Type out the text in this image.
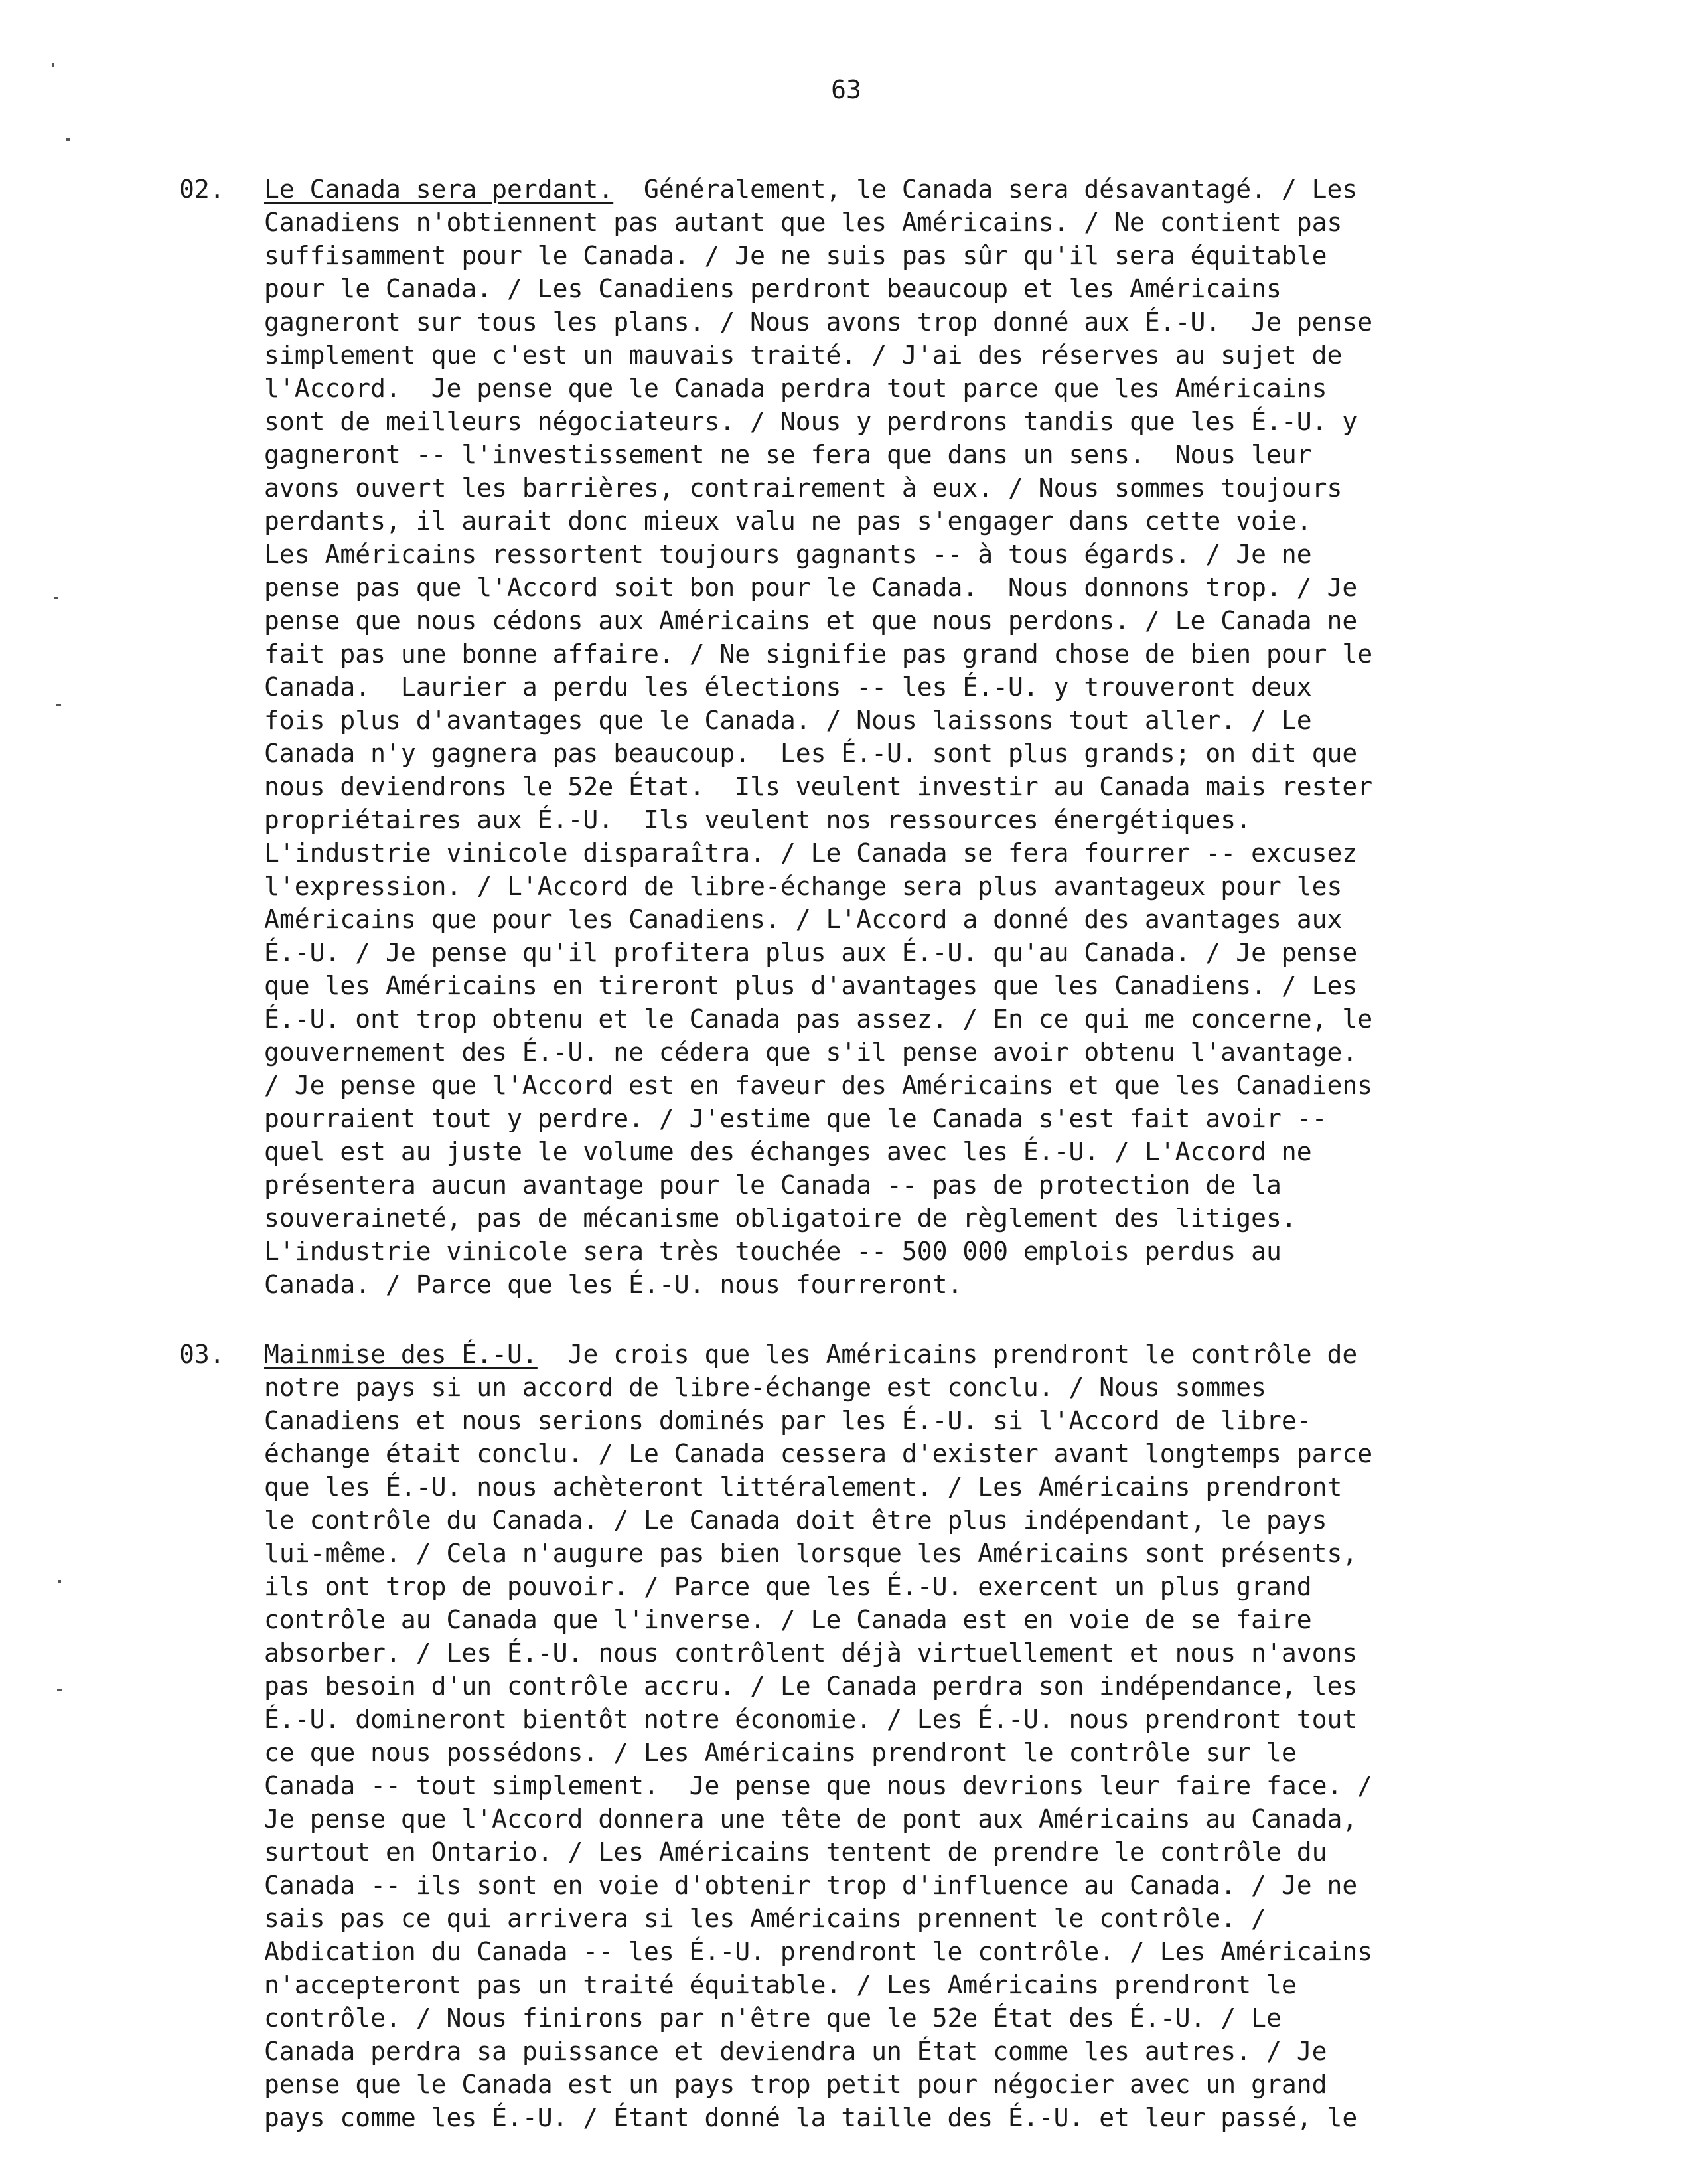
63
02. Le Canada sera perdant.  Généralement, le Canada sera désavantagé. / Les
Canadiens n'obtiennent pas autant que les Américains. / Ne contient pas
suffisamment pour le Canada. / Je ne suis pas sûr qu'il sera équitable
pour le Canada. / Les Canadiens perdront beaucoup et les Américains
gagneront sur tous les plans. / Nous avons trop donné aux É.-U.  Je pense
simplement que c'est un mauvais traité. / J'ai des réserves au sujet de
l'Accord.  Je pense que le Canada perdra tout parce que les Américains
sont de meilleurs négociateurs. / Nous y perdrons tandis que les É.-U. y
gagneront -- l'investissement ne se fera que dans un sens.  Nous leur
avons ouvert les barrières, contrairement à eux. / Nous sommes toujours
perdants, il aurait donc mieux valu ne pas s'engager dans cette voie.
Les Américains ressortent toujours gagnants -- à tous égards. / Je ne
pense pas que l'Accord soit bon pour le Canada.  Nous donnons trop. / Je
pense que nous cédons aux Américains et que nous perdons. / Le Canada ne
fait pas une bonne affaire. / Ne signifie pas grand chose de bien pour le
Canada.  Laurier a perdu les élections -- les É.-U. y trouveront deux
fois plus d'avantages que le Canada. / Nous laissons tout aller. / Le
Canada n'y gagnera pas beaucoup.  Les É.-U. sont plus grands; on dit que
nous deviendrons le 52e État.  Ils veulent investir au Canada mais rester
propriétaires aux É.-U.  Ils veulent nos ressources énergétiques.
L'industrie vinicole disparaîtra. / Le Canada se fera fourrer -- excusez
l'expression. / L'Accord de libre-échange sera plus avantageux pour les
Américains que pour les Canadiens. / L'Accord a donné des avantages aux
É.-U. / Je pense qu'il profitera plus aux É.-U. qu'au Canada. / Je pense
que les Américains en tireront plus d'avantages que les Canadiens. / Les
É.-U. ont trop obtenu et le Canada pas assez. / En ce qui me concerne, le
gouvernement des É.-U. ne cédera que s'il pense avoir obtenu l'avantage.
/ Je pense que l'Accord est en faveur des Américains et que les Canadiens
pourraient tout y perdre. / J'estime que le Canada s'est fait avoir --
quel est au juste le volume des échanges avec les É.-U. / L'Accord ne
présentera aucun avantage pour le Canada -- pas de protection de la
souveraineté, pas de mécanisme obligatoire de règlement des litiges.
L'industrie vinicole sera très touchée -- 500 000 emplois perdus au
Canada. / Parce que les É.-U. nous fourreront.
03. Mainmise des É.-U.  Je crois que les Américains prendront le contrôle de
notre pays si un accord de libre-échange est conclu. / Nous sommes
Canadiens et nous serions dominés par les É.-U. si l'Accord de libre-
échange était conclu. / Le Canada cessera d'exister avant longtemps parce
que les É.-U. nous achèteront littéralement. / Les Américains prendront
le contrôle du Canada. / Le Canada doit être plus indépendant, le pays
lui-même. / Cela n'augure pas bien lorsque les Américains sont présents,
ils ont trop de pouvoir. / Parce que les É.-U. exercent un plus grand
contrôle au Canada que l'inverse. / Le Canada est en voie de se faire
absorber. / Les É.-U. nous contrôlent déjà virtuellement et nous n'avons
pas besoin d'un contrôle accru. / Le Canada perdra son indépendance, les
É.-U. domineront bientôt notre économie. / Les É.-U. nous prendront tout
ce que nous possédons. / Les Américains prendront le contrôle sur le
Canada -- tout simplement.  Je pense que nous devrions leur faire face. /
Je pense que l'Accord donnera une tête de pont aux Américains au Canada,
surtout en Ontario. / Les Américains tentent de prendre le contrôle du
Canada -- ils sont en voie d'obtenir trop d'influence au Canada. / Je ne
sais pas ce qui arrivera si les Américains prennent le contrôle. /
Abdication du Canada -- les É.-U. prendront le contrôle. / Les Américains
n'accepteront pas un traité équitable. / Les Américains prendront le
contrôle. / Nous finirons par n'être que le 52e État des É.-U. / Le
Canada perdra sa puissance et deviendra un État comme les autres. / Je
pense que le Canada est un pays trop petit pour négocier avec un grand
pays comme les É.-U. / Étant donné la taille des É.-U. et leur passé, le
